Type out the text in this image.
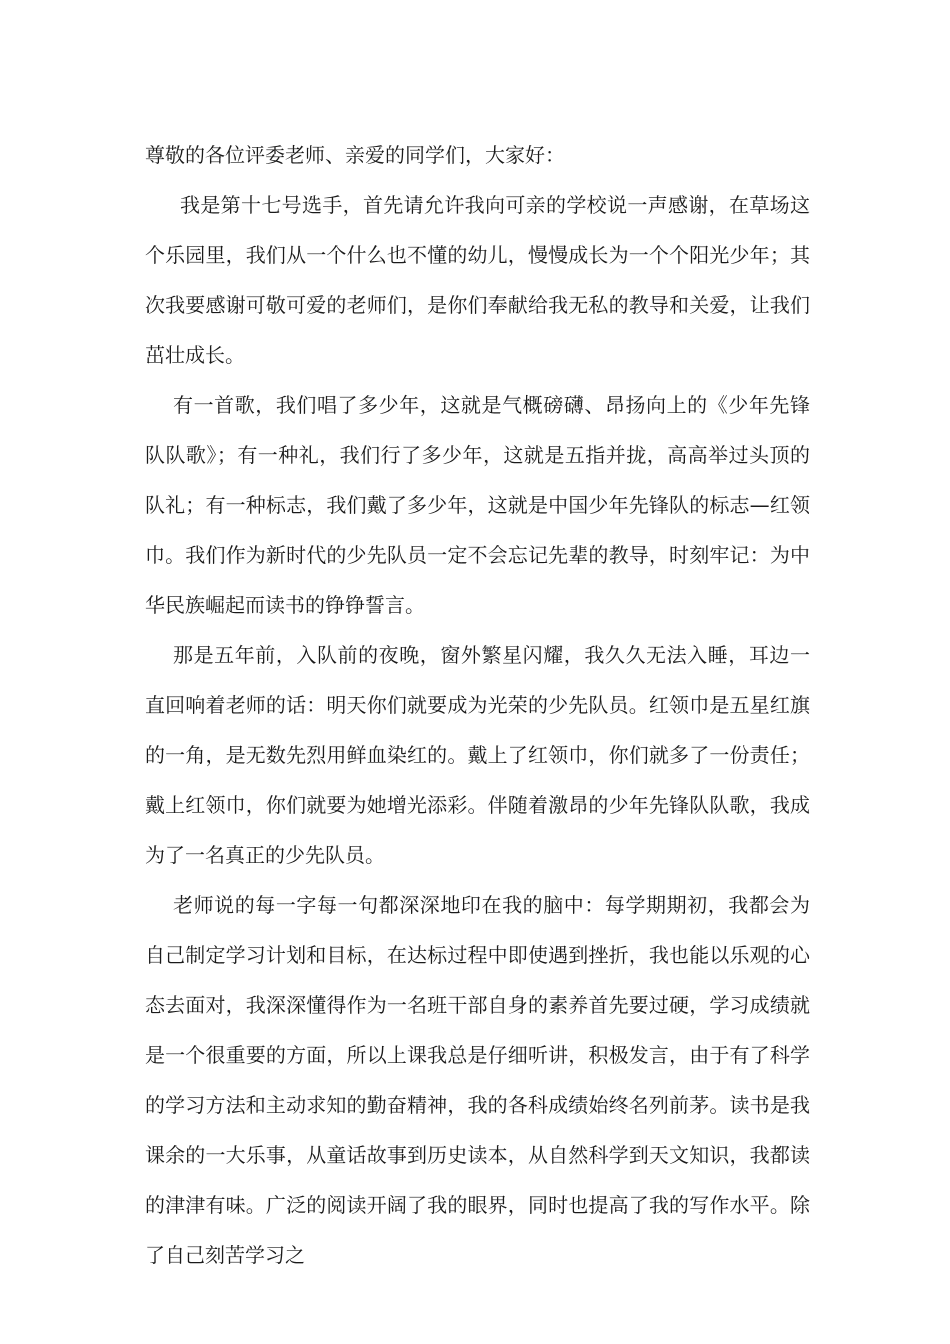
尊敬的各位评委老师、亲爱的同学们，大家好：

我是第十七号选手，首先请允许我向可亲的学校说一声感谢，在草场这个乐园里，我们从一个什么也不懂的幼儿，慢慢成长为一个个阳光少年；其次我要感谢可敬可爱的老师们，是你们奉献给我无私的教导和关爱，让我们茁壮成长。

有一首歌，我们唱了多少年，这就是气概磅礴、昂扬向上的《少年先锋队队歌》；有一种礼，我们行了多少年，这就是五指并拢，高高举过头顶的队礼；有一种标志，我们戴了多少年，这就是中国少年先锋队的标志—红领巾。我们作为新时代的少先队员一定不会忘记先辈的教导，时刻牢记：为中华民族崛起而读书的铮铮誓言。

那是五年前，入队前的夜晚，窗外繁星闪耀，我久久无法入睡，耳边一直回响着老师的话：明天你们就要成为光荣的少先队员。红领巾是五星红旗的一角，是无数先烈用鲜血染红的。戴上了红领巾，你们就多了一份责任；戴上红领巾，你们就要为她增光添彩。伴随着激昂的少年先锋队队歌，我成为了一名真正的少先队员。

老师说的每一字每一句都深深地印在我的脑中：每学期期初，我都会为自己制定学习计划和目标，在达标过程中即使遇到挫折，我也能以乐观的心态去面对，我深深懂得作为一名班干部自身的素养首先要过硬，学习成绩就是一个很重要的方面，所以上课我总是仔细听讲，积极发言，由于有了科学的学习方法和主动求知的勤奋精神，我的各科成绩始终名列前茅。读书是我课余的一大乐事，从童话故事到历史读本，从自然科学到天文知识，我都读的津津有味。广泛的阅读开阔了我的眼界，同时也提高了我的写作水平。除了自己刻苦学习之
